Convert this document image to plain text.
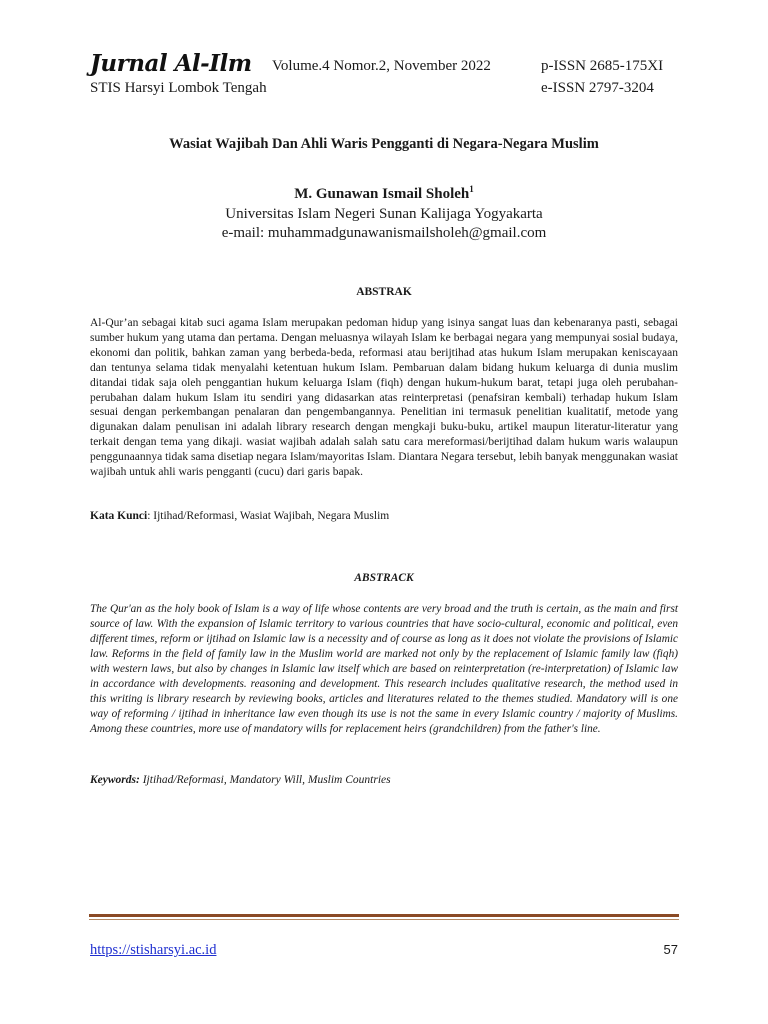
Jurnal Al-Ilm Volume.4 Nomor.2, November 2022	p-ISSN 2685-175XI
STIS Harsyi Lombok Tengah	e-ISSN 2797-3204
Wasiat Wajibah Dan Ahli Waris Pengganti di Negara-Negara Muslim
M. Gunawan Ismail Sholeh$^1$
Universitas Islam Negeri Sunan Kalijaga Yogyakarta
e-mail: muhammadgunawanismailsholeh@gmail.com
ABSTRAK
Al-Qur’an sebagai kitab suci agama Islam merupakan pedoman hidup yang isinya sangat luas dan kebenaranya pasti, sebagai sumber hukum yang utama dan pertama. Dengan meluasnya wilayah Islam ke berbagai negara yang mempunyai sosial budaya, ekonomi dan politik, bahkan zaman yang berbeda-beda, reformasi atau berijtihad atas hukum Islam merupakan keniscayaan dan tentunya selama tidak menyalahi ketentuan hukum Islam. Pembaruan dalam bidang hukum keluarga di dunia muslim ditandai tidak saja oleh penggantian hukum keluarga Islam (fiqh) dengan hukum-hukum barat, tetapi juga oleh perubahan-perubahan dalam hukum Islam itu sendiri yang didasarkan atas reinterpretasi (penafsiran kembali) terhadap hukum Islam sesuai dengan perkembangan penalaran dan pengembangannya. Penelitian ini termasuk penelitian kualitatif, metode yang digunakan dalam penulisan ini adalah library research dengan mengkaji buku-buku, artikel maupun literatur-literatur yang terkait dengan tema yang dikaji. wasiat wajibah adalah salah satu cara mereformasi/berijtihad dalam hukum waris walaupun penggunaannya tidak sama disetiap negara Islam/mayoritas Islam. Diantara Negara tersebut, lebih banyak menggunakan wasiat wajibah untuk ahli waris pengganti (cucu) dari garis bapak.
Kata Kunci: Ijtihad/Reformasi, Wasiat Wajibah, Negara Muslim
ABSTRACK
The Qur'an as the holy book of Islam is a way of life whose contents are very broad and the truth is certain, as the main and first source of law. With the expansion of Islamic territory to various countries that have socio-cultural, economic and political, even different times, reform or ijtihad on Islamic law is a necessity and of course as long as it does not violate the provisions of Islamic law. Reforms in the field of family law in the Muslim world are marked not only by the replacement of Islamic family law (fiqh) with western laws, but also by changes in Islamic law itself which are based on reinterpretation (re-interpretation) of Islamic law in accordance with developments. reasoning and development. This research includes qualitative research, the method used in this writing is library research by reviewing books, articles and literatures related to the themes studied. Mandatory will is one way of reforming / ijtihad in inheritance law even though its use is not the same in every Islamic country / majority of Muslims. Among these countries, more use of mandatory wills for replacement heirs (grandchildren) from the father's line.
Keywords: Ijtihad/Reformasi, Mandatory Will, Muslim Countries
https://stisharsyi.ac.id	57
